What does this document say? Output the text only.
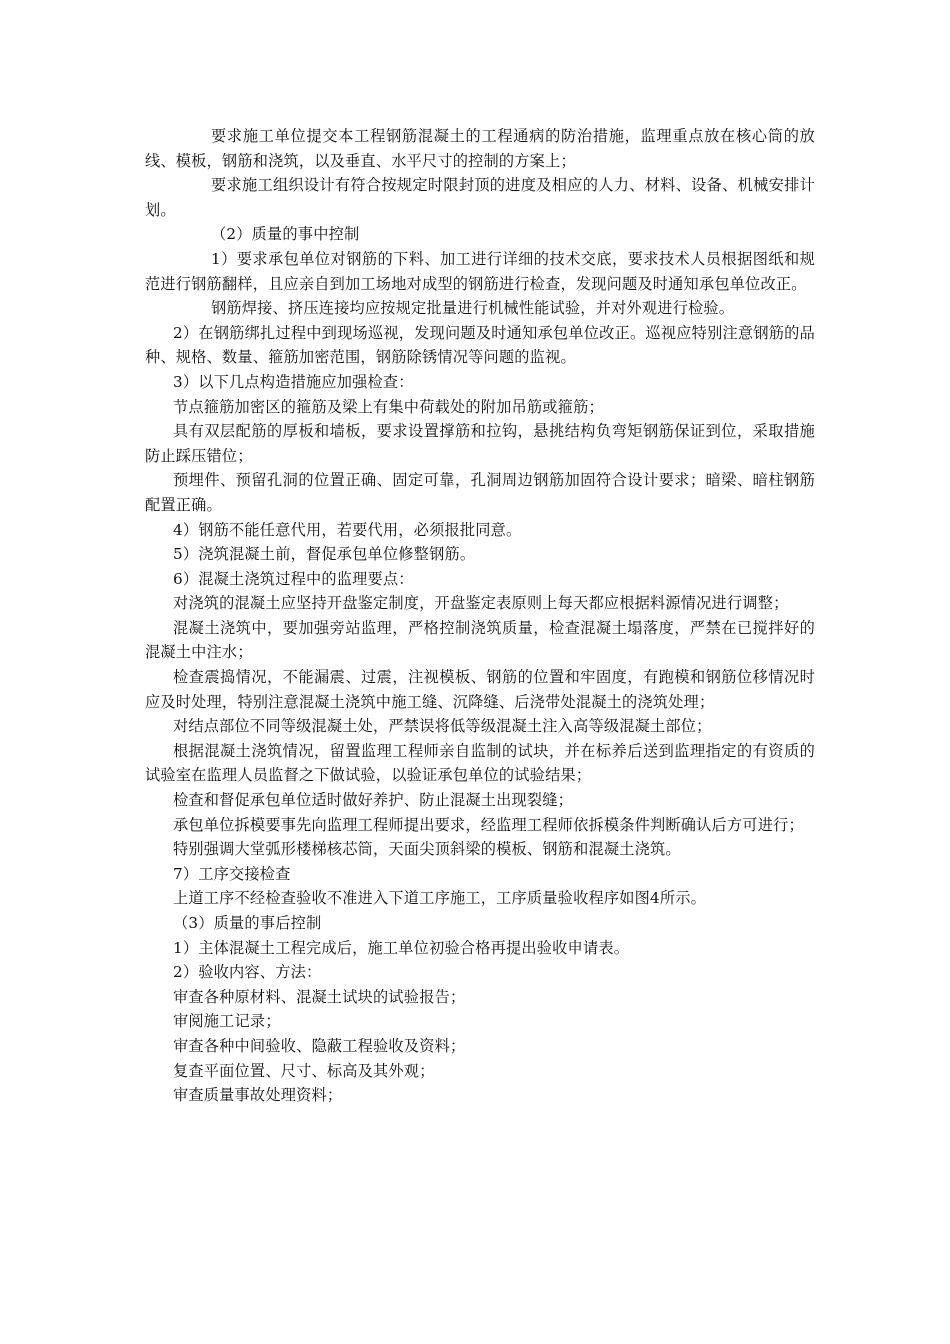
要求施工单位提交本工程钢筋混凝土的工程通病的防治措施，监理重点放在核心筒的放线、模板，钢筋和浇筑，以及垂直、水平尺寸的控制的方案上；

要求施工组织设计有符合按规定时限封顶的进度及相应的人力、材料、设备、机械安排计划。

（2）质量的事中控制

1）要求承包单位对钢筋的下料、加工进行详细的技术交底，要求技术人员根据图纸和规范进行钢筋翻样，且应亲自到加工场地对成型的钢筋进行检查，发现问题及时通知承包单位改正。

钢筋焊接、挤压连接均应按规定批量进行机械性能试验，并对外观进行检验。

2）在钢筋绑扎过程中到现场巡视，发现问题及时通知承包单位改正。巡视应特别注意钢筋的品种、规格、数量、箍筋加密范围，钢筋除锈情况等问题的监视。

3）以下几点构造措施应加强检查：

节点箍筋加密区的箍筋及梁上有集中荷载处的附加吊筋或箍筋；

具有双层配筋的厚板和墙板，要求设置撑筋和拉钩，悬挑结构负弯矩钢筋保证到位，采取措施防止踩压错位；

预埋件、预留孔洞的位置正确、固定可靠，孔洞周边钢筋加固符合设计要求；暗梁、暗柱钢筋配置正确。

4）钢筋不能任意代用，若要代用，必须报批同意。

5）浇筑混凝土前，督促承包单位修整钢筋。

6）混凝土浇筑过程中的监理要点：

对浇筑的混凝土应坚持开盘鉴定制度，开盘鉴定表原则上每天都应根据料源情况进行调整；

混凝土浇筑中，要加强旁站监理，严格控制浇筑质量，检查混凝土塌落度，严禁在已搅拌好的混凝土中注水；

检查震捣情况，不能漏震、过震，注视模板、钢筋的位置和牢固度，有跑模和钢筋位移情况时应及时处理，特别注意混凝土浇筑中施工缝、沉降缝、后浇带处混凝土的浇筑处理；

对结点部位不同等级混凝土处，严禁误将低等级混凝土注入高等级混凝土部位；

根据混凝土浇筑情况，留置监理工程师亲自监制的试块，并在标养后送到监理指定的有资质的试验室在监理人员监督之下做试验，以验证承包单位的试验结果；

检查和督促承包单位适时做好养护、防止混凝土出现裂缝；

承包单位拆模要事先向监理工程师提出要求，经监理工程师依拆模条件判断确认后方可进行；

特别强调大堂弧形楼梯核芯筒，天面尖顶斜梁的模板、钢筋和混凝土浇筑。

7）工序交接检查

上道工序不经检查验收不准进入下道工序施工，工序质量验收程序如图4所示。

（3）质量的事后控制

1）主体混凝土工程完成后，施工单位初验合格再提出验收申请表。

2）验收内容、方法：

审查各种原材料、混凝土试块的试验报告；

审阅施工记录；

审查各种中间验收、隐蔽工程验收及资料；

复查平面位置、尺寸、标高及其外观；

审查质量事故处理资料；
